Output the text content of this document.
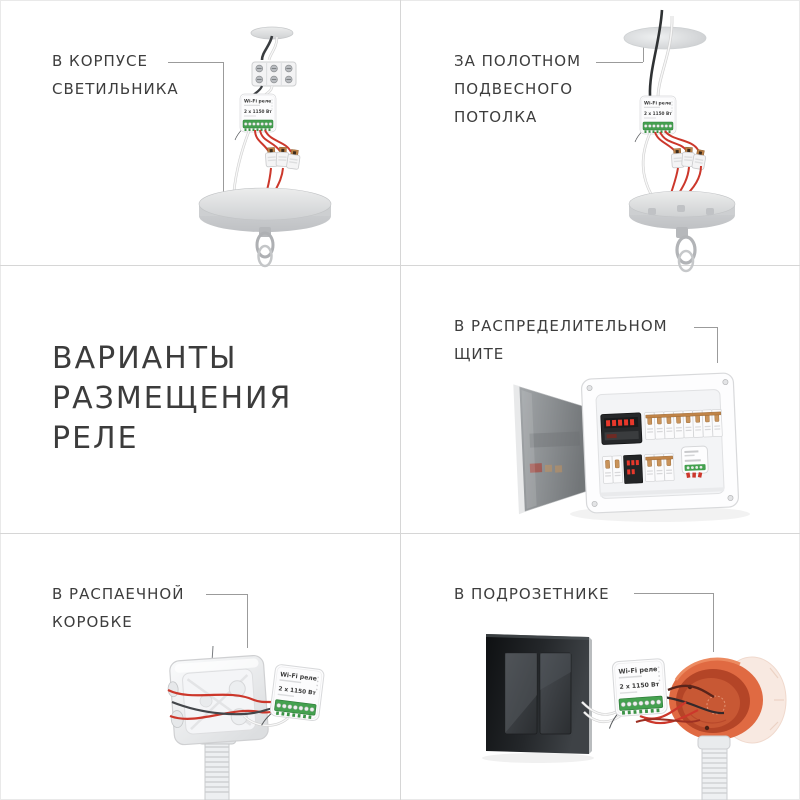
В КОРПУСЕ
СВЕТИЛЬНИКА
ЗА ПОЛОТНОМ
ПОДВЕСНОГО
ПОТОЛКА
ВАРИАНТЫ
РАЗМЕЩЕНИЯ
РЕЛЕ
В РАСПРЕДЕЛИТЕЛЬНОМ
ЩИТЕ
В РАСПАЕЧНОЙ
КОРОБКЕ
В ПОДРОЗЕТНИКЕ
